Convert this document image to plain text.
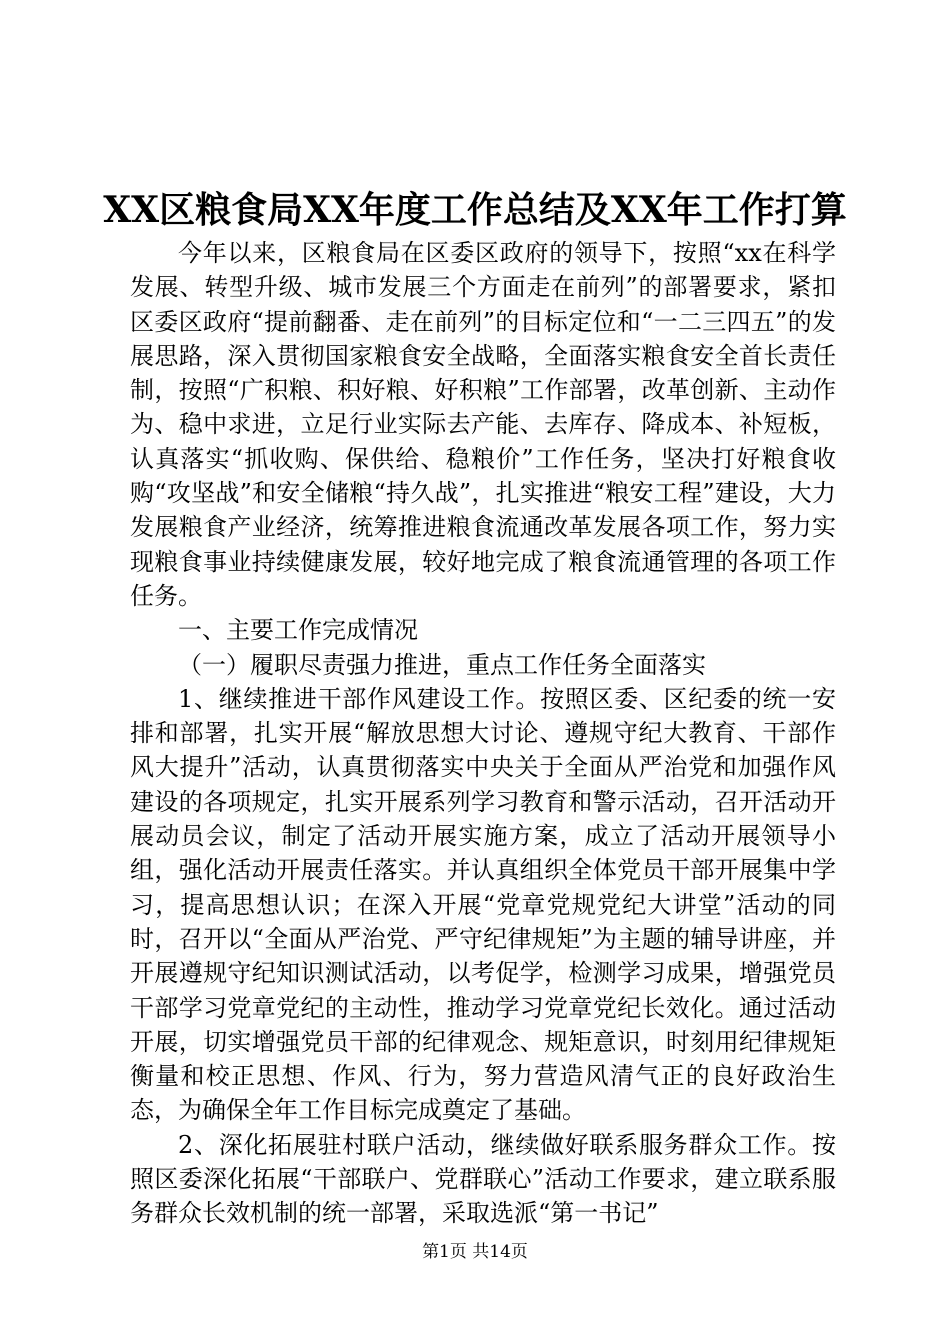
XX区粮食局XX年度工作总结及XX年工作打算

今年以来，区粮食局在区委区政府的领导下，按照“xx在科学发展、转型升级、城市发展三个方面走在前列”的部署要求，紧扣区委区政府“提前翻番、走在前列”的目标定位和“一二三四五”的发展思路，深入贯彻国家粮食安全战略，全面落实粮食安全首长责任制，按照“广积粮、积好粮、好积粮”工作部署，改革创新、主动作为、稳中求进，立足行业实际去产能、去库存、降成本、补短板，认真落实“抓收购、保供给、稳粮价”工作任务，坚决打好粮食收购“攻坚战”和安全储粮“持久战”，扎实推进“粮安工程”建设，大力发展粮食产业经济，统筹推进粮食流通改革发展各项工作，努力实现粮食事业持续健康发展，较好地完成了粮食流通管理的各项工作任务。

一、主要工作完成情况

（一）履职尽责强力推进，重点工作任务全面落实

1、继续推进干部作风建设工作。按照区委、区纪委的统一安排和部署，扎实开展“解放思想大讨论、遵规守纪大教育、干部作风大提升”活动，认真贯彻落实中央关于全面从严治党和加强作风建设的各项规定，扎实开展系列学习教育和警示活动，召开活动开展动员会议，制定了活动开展实施方案，成立了活动开展领导小组，强化活动开展责任落实。并认真组织全体党员干部开展集中学习，提高思想认识；在深入开展“党章党规党纪大讲堂”活动的同时，召开以“全面从严治党、严守纪律规矩”为主题的辅导讲座，并开展遵规守纪知识测试活动，以考促学，检测学习成果，增强党员干部学习党章党纪的主动性，推动学习党章党纪长效化。通过活动开展，切实增强党员干部的纪律观念、规矩意识，时刻用纪律规矩衡量和校正思想、作风、行为，努力营造风清气正的良好政治生态，为确保全年工作目标完成奠定了基础。

2、深化拓展驻村联户活动，继续做好联系服务群众工作。按照区委深化拓展“干部联户、党群联心”活动工作要求，建立联系服务群众长效机制的统一部署，采取选派“第一书记”

第1页 共14页
